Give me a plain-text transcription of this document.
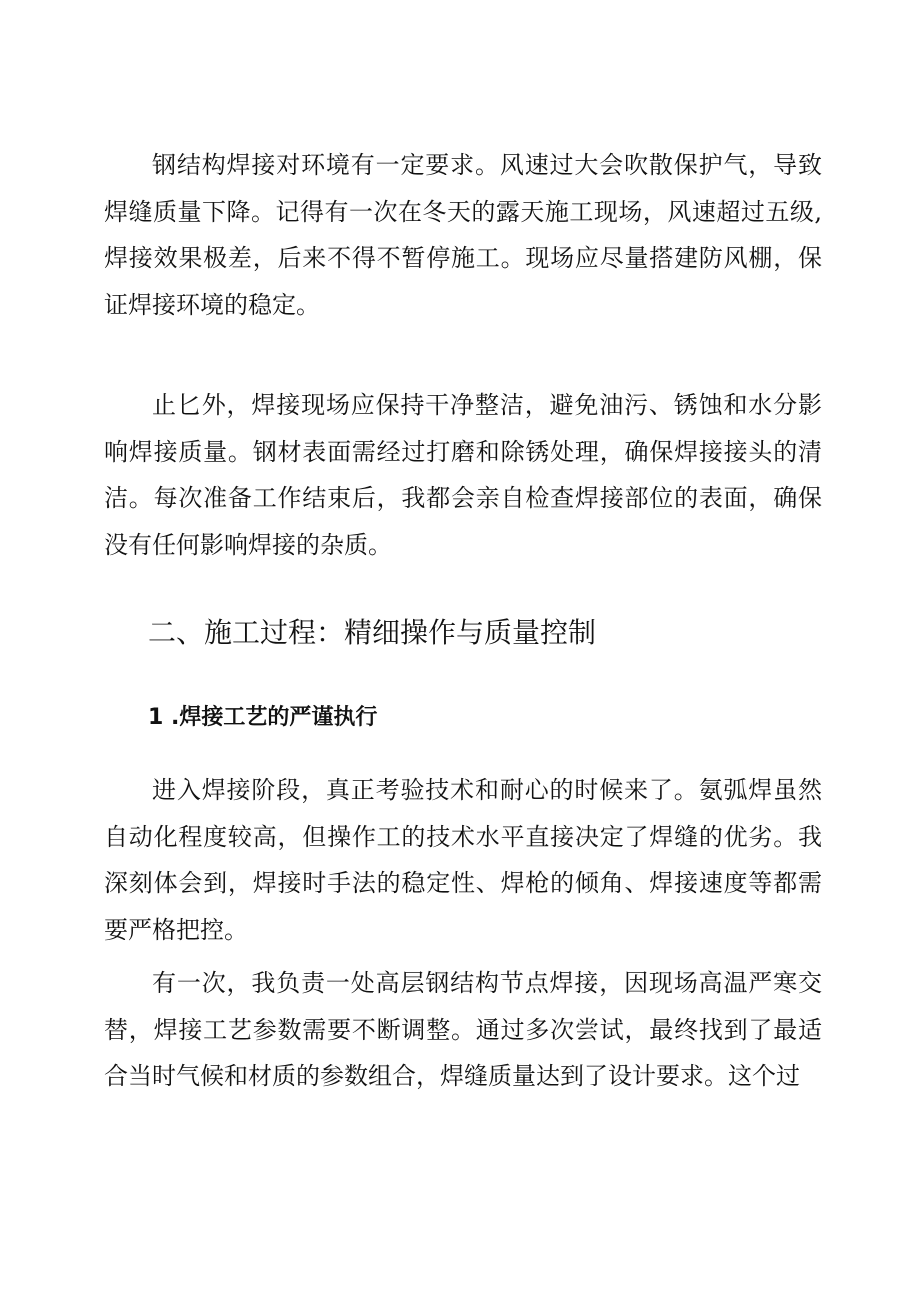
钢结构焊接对环境有一定要求。风速过大会吹散保护气，导致焊缝质量下降。记得有一次在冬天的露天施工现场，风速超过五级,焊接效果极差，后来不得不暂停施工。现场应尽量搭建防风棚，保证焊接环境的稳定。

止匕外，焊接现场应保持干净整洁，避免油污、锈蚀和水分影响焊接质量。钢材表面需经过打磨和除锈处理，确保焊接接头的清洁。每次准备工作结束后，我都会亲自检查焊接部位的表面，确保没有任何影响焊接的杂质。

二、施工过程：精细操作与质量控制
1 .焊接工艺的严谨执行

进入焊接阶段，真正考验技术和耐心的时候来了。氨弧焊虽然自动化程度较高，但操作工的技术水平直接决定了焊缝的优劣。我深刻体会到，焊接时手法的稳定性、焊枪的倾角、焊接速度等都需要严格把控。

有一次，我负责一处高层钢结构节点焊接，因现场高温严寒交替，焊接工艺参数需要不断调整。通过多次尝试，最终找到了最适合当时气候和材质的参数组合，焊缝质量达到了设计要求。这个过
